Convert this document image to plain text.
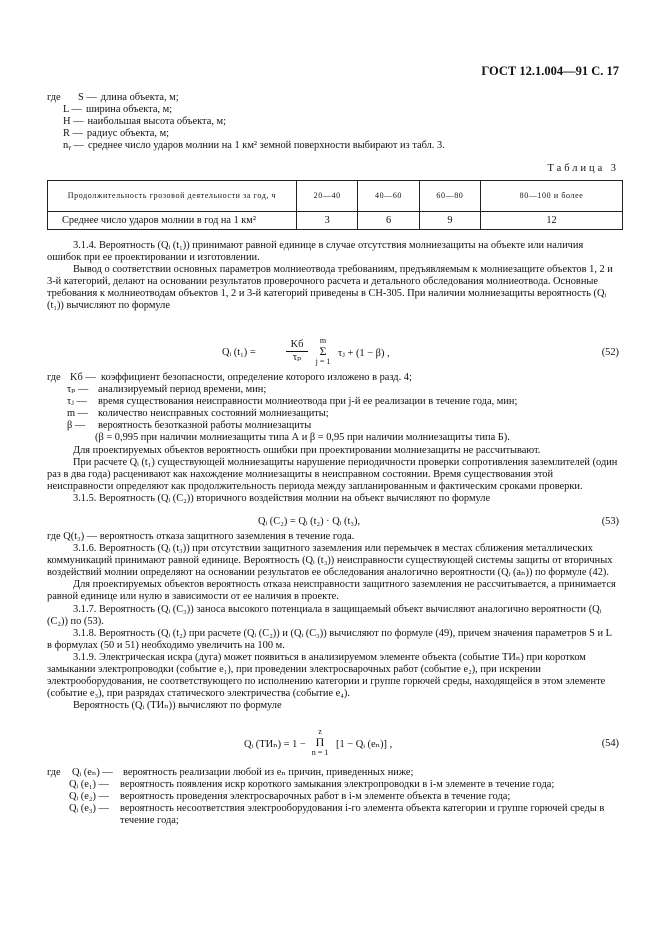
ГОСТ 12.1.004—91 С. 17
где	S — длина объекта, м;
L — ширина объекта, м;
H — наибольшая высота объекта, м;
R — радиус объекта, м;
nᵧ — среднее число ударов молнии на 1 км² земной поверхности выбирают из табл. 3.
Таблица 3
Продолжительность грозовой деятельности за год, ч	20—40	40—60	60—80	80—100 и более
Среднее число ударов молнии в год на 1 км²	3	6	9	12

3.1.4. Вероятность (Qᵢ (t₁)) принимают равной единице в случае отсутствия молниезащиты на объекте или наличия ошибок при ее проектировании и изготовлении.

Вывод о соответствии основных параметров молниеотвода требованиям, предъявляемым к молниезащите объектов 1, 2 и 3-й категорий, делают на основании результатов проверочного расчета и детального обследования молниеотвода. Основные требования к молниеотводам объектов 1, 2 и 3-й категорий приведены в СН-305. При наличии молниезащиты вероятность (Qᵢ (t₁)) вычисляют по формуле

Qᵢ (t₁) =
Kб
τₚ
m
Σ
j = 1
τⱼ + (1 − β) ,	(52)
где Kб — коэффициент безопасности, определение которого изложено в разд. 4;
τₚ — анализируемый период времени, мин;
τⱼ —	время существования неисправности молниеотвода при j-й ее реализации в течение года, мин;
m — количество неисправных состояний молниезащиты;
β —	вероятность безотказной работы молниезащиты
(β = 0,995 при наличии молниезащиты типа А и β = 0,95 при наличии молниезащиты типа Б).

Для проектируемых объектов вероятность ошибки при проектировании молниезащиты не рассчитывают.

При расчете Qᵢ (t₁) существующей молниезащиты нарушение периодичности проверки сопротивления заземлителей (один раз в два года) расценивают как нахождение молниезащиты в неисправном состоянии. Время существования этой неисправности определяют как продолжительность периода между запланированным и фактическим сроками проверки.

3.1.5. Вероятность (Qᵢ (C₂)) вторичного воздействия молнии на объект вычисляют по формуле

Qᵢ (C₂) = Qᵢ (t₂) · Qᵢ (t₃),	(53)

где Q(t₃) — вероятность отказа защитного заземления в течение года.

3.1.6. Вероятность (Qᵢ (t₃)) при отсутствии защитного заземления или перемычек в местах сближения металлических коммуникаций принимают равной единице. Вероятность (Qᵢ (t₃)) неисправности существующей системы защиты от вторичных воздействий молнии определяют на основании результатов ее обследования аналогично вероятности (Qᵢ (aₙ)) по формуле (42).

Для проектируемых объектов вероятность отказа неисправности защитного заземления не рассчитывается, а принимается равной единице или нулю в зависимости от ее наличия в проекте.

3.1.7. Вероятность (Qᵢ (C₃)) заноса высокого потенциала в защищаемый объект вычисляют аналогично вероятности (Qᵢ (C₂)) по (53).

3.1.8. Вероятность (Qᵢ (t₂) при расчете (Qᵢ (C₂)) и (Qᵢ (C₃)) вычисляют по формуле (49), причем значения параметров S и L в формулах (50 и 51) необходимо увеличить на 100 м.

3.1.9. Электрическая искра (дуга) может появиться в анализируемом элементе объекта (событие ТИₙ) при коротком замыкании электропроводки (событие e₁), при проведении электросварочных работ (событие e₂), при искрении электрооборудования, не соответствующего по исполнению категории и группе горючей среды, находящейся в этом элементе (событие e₃), при разрядах статического электричества (событие e₄).

Вероятность (Qᵢ (ТИₙ)) вычисляют по формуле

Qᵢ (ТИₙ) = 1 −
z
Π
n = 1
[1 − Qᵢ (eₙ)] ,	(54)
где	Qᵢ (eₙ) — вероятность реализации любой из eₙ причин, приведенных ниже;
Qᵢ (e₁) —	вероятность появления искр короткого замыкания электропроводки в i-м элементе в течение года;
Qᵢ (e₂) —	вероятность проведения электросварочных работ в i-м элементе объекта в течение года;
Qᵢ (e₃) —	вероятность несоответствия электрооборудования i-го элемента объекта категории и группе горючей среды в течение года;
